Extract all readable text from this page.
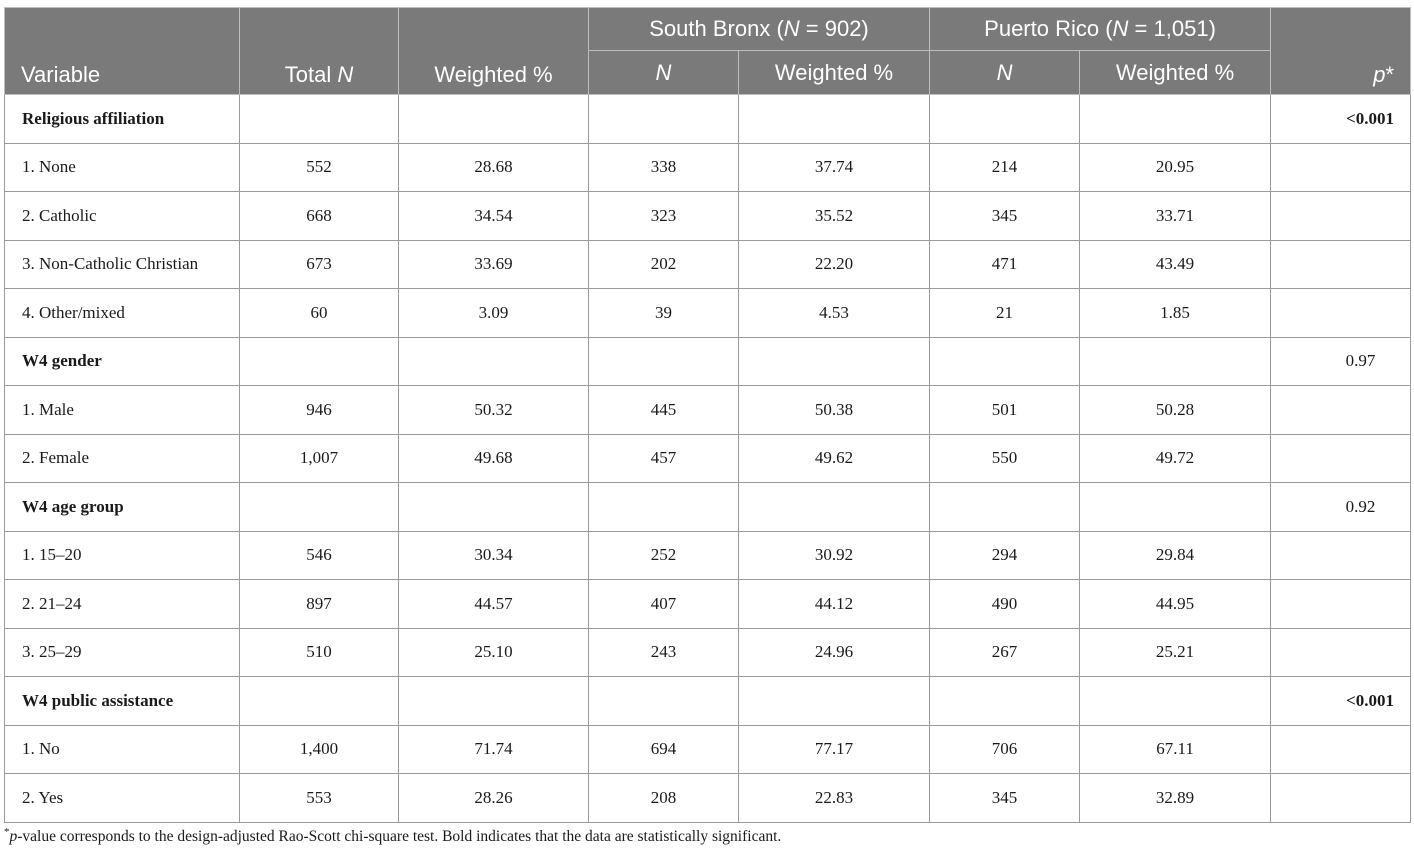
Variable	Total N	Weighted %	South Bronx (N = 902)		Puerto Rico (N = 1,051)		p*
			N	Weighted %	N	Weighted %	
Religious affiliation							<0.001
1. None	552	28.68	338	37.74	214	20.95	
2. Catholic	668	34.54	323	35.52	345	33.71	
3. Non-Catholic Christian	673	33.69	202	22.20	471	43.49	
4. Other/mixed	60	3.09	39	4.53	21	1.85	
W4 gender							0.97
1. Male	946	50.32	445	50.38	501	50.28	
2. Female	1,007	49.68	457	49.62	550	49.72	
W4 age group							0.92
1. 15–20	546	30.34	252	30.92	294	29.84	
2. 21–24	897	44.57	407	44.12	490	44.95	
3. 25–29	510	25.10	243	24.96	267	25.21	
W4 public assistance							<0.001
1. No	1,400	71.74	694	77.17	706	67.11	
2. Yes	553	28.26	208	22.83	345	32.89	
*p-value corresponds to the design-adjusted Rao-Scott chi-square test. Bold indicates that the data are statistically significant.
